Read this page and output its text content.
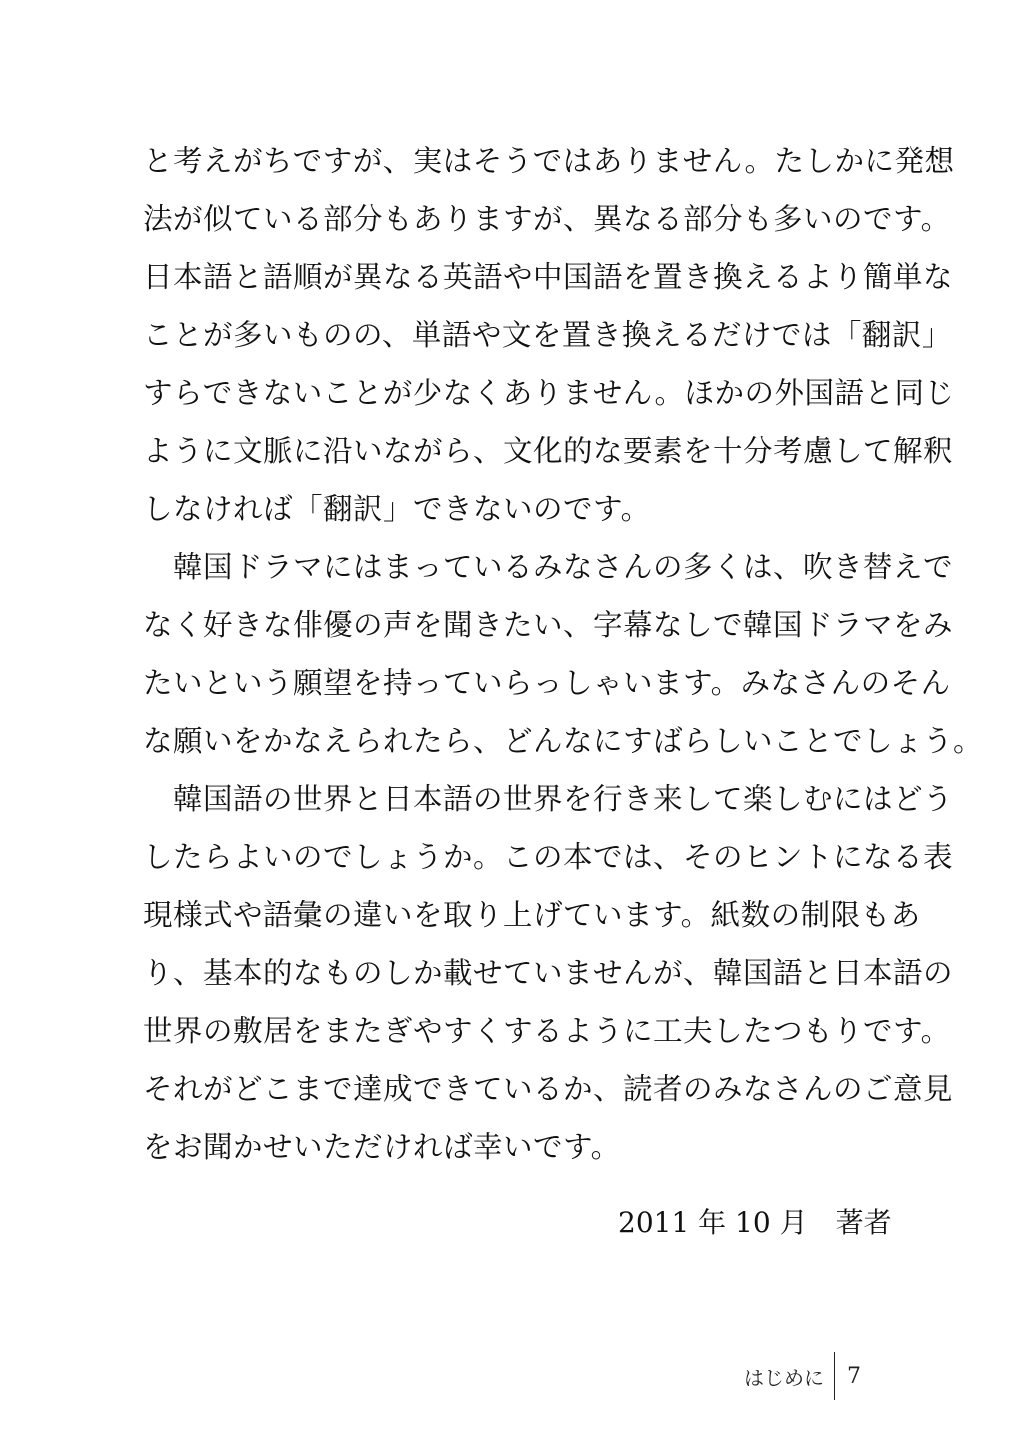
と考えがちですが、実はそうではありません。たしかに発想
法が似ている部分もありますが、異なる部分も多いのです。
日本語と語順が異なる英語や中国語を置き換えるより簡単な
ことが多いものの、単語や文を置き換えるだけでは「翻訳」
すらできないことが少なくありません。ほかの外国語と同じ
ように文脈に沿いながら、文化的な要素を十分考慮して解釈
しなければ「翻訳」できないのです。
　韓国ドラマにはまっているみなさんの多くは、吹き替えで
なく好きな俳優の声を聞きたい、字幕なしで韓国ドラマをみ
たいという願望を持っていらっしゃいます。みなさんのそん
な願いをかなえられたら、どんなにすばらしいことでしょう。
　韓国語の世界と日本語の世界を行き来して楽しむにはどう
したらよいのでしょうか。この本では、そのヒントになる表
現様式や語彙の違いを取り上げています。紙数の制限もあ
り、基本的なものしか載せていませんが、韓国語と日本語の
世界の敷居をまたぎやすくするように工夫したつもりです。
それがどこまで達成できているか、読者のみなさんのご意見
をお聞かせいただければ幸いです。
2011 年 10 月　著者
はじめに	7
